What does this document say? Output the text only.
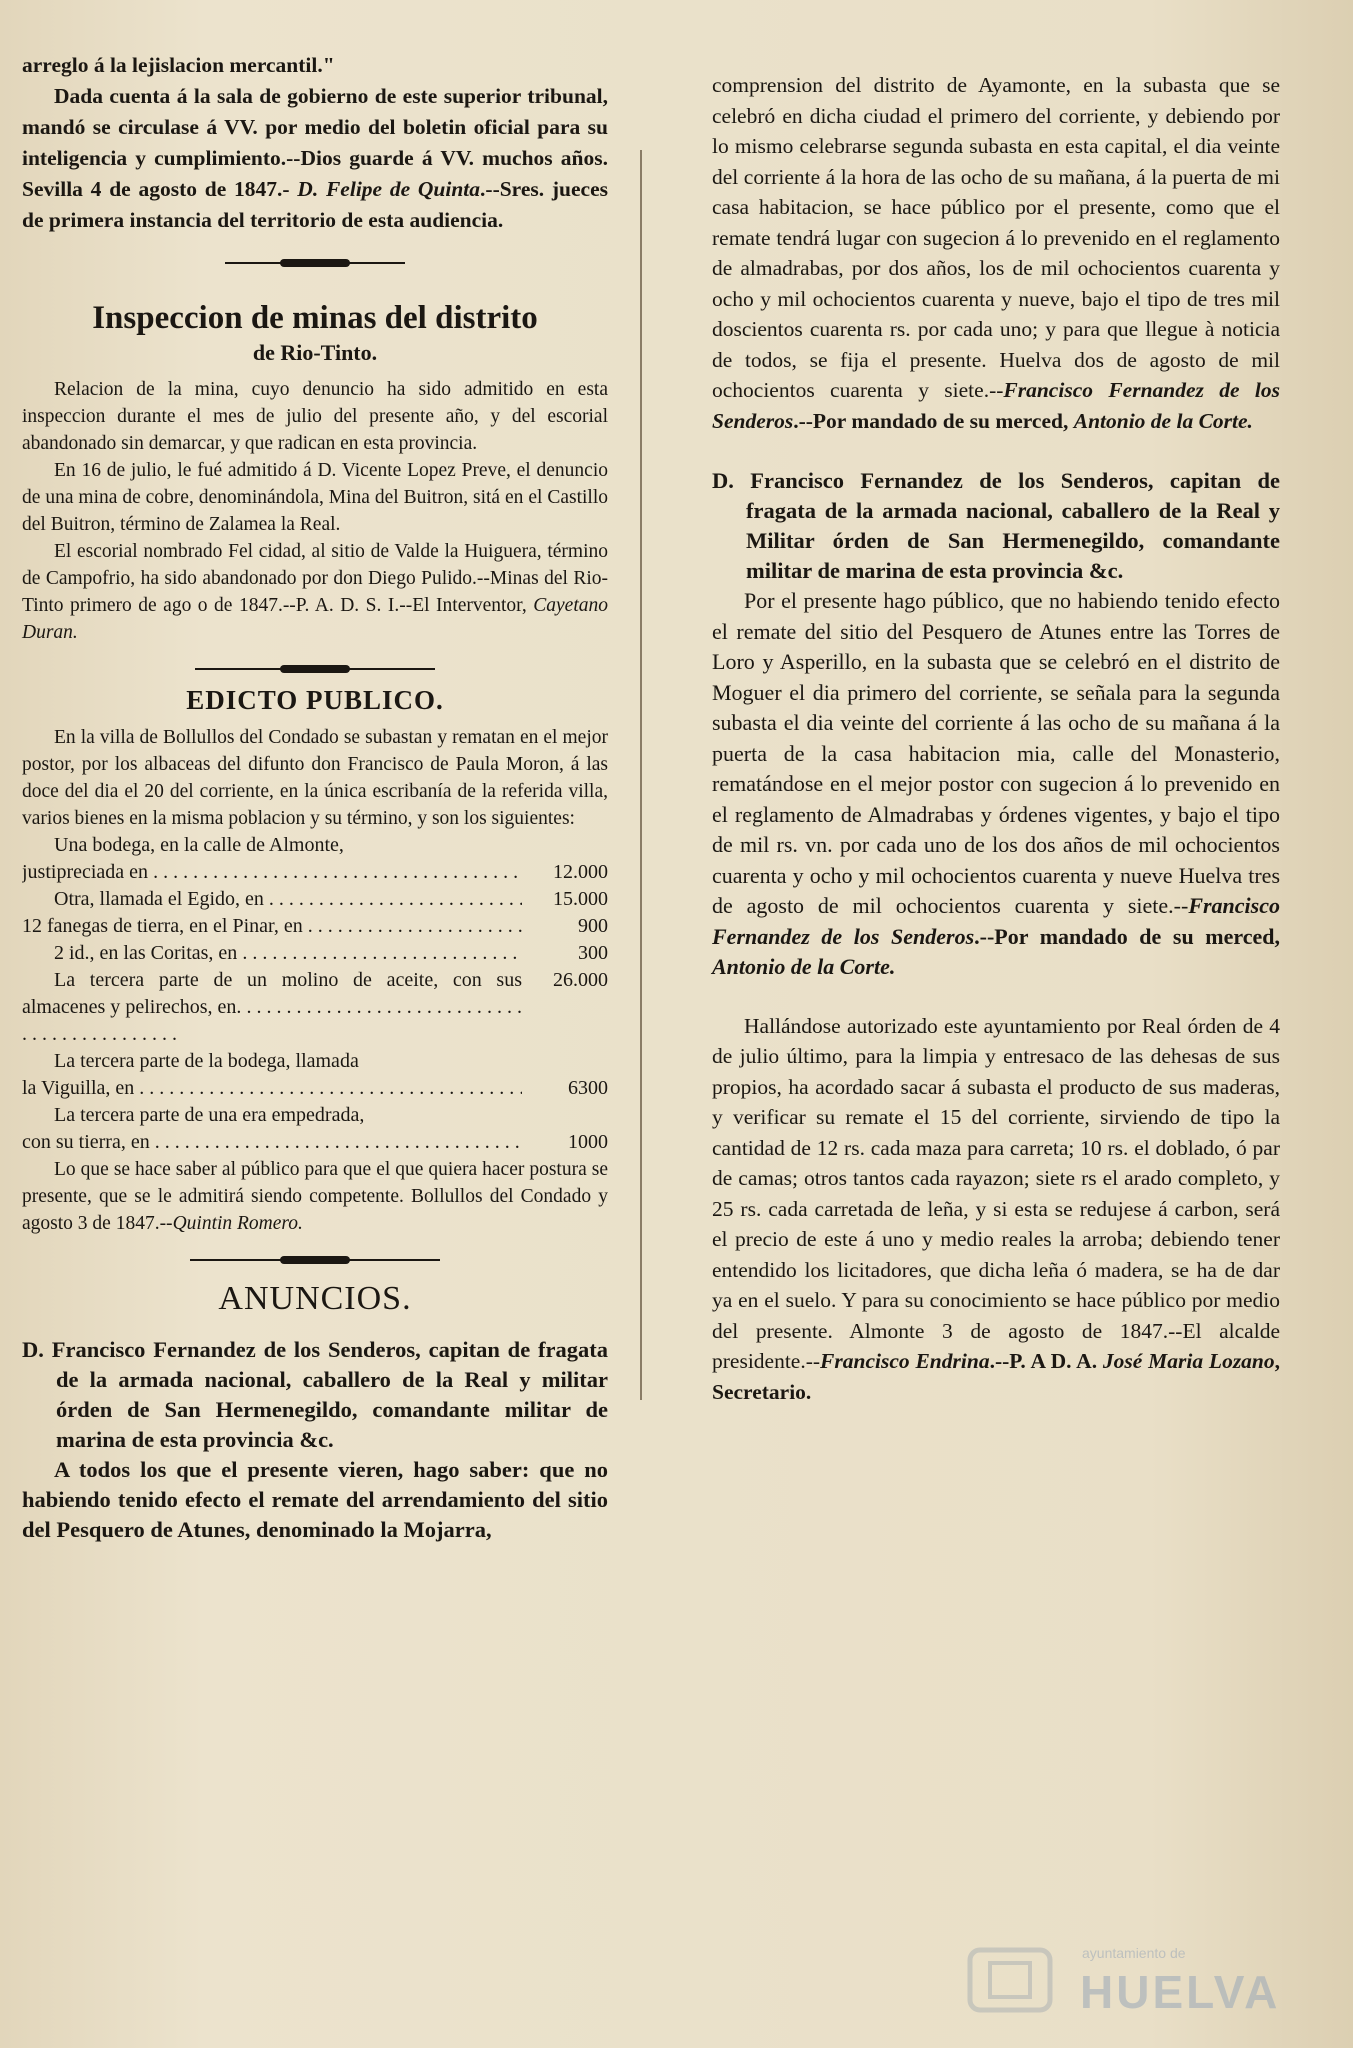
arreglo á la lejislacion mercantil."

Dada cuenta á la sala de gobierno de este superior tribunal, mandó se circulase á VV. por medio del boletin oficial para su inteligencia y cumplimiento.--Dios guarde á VV. muchos años. Sevilla 4 de agosto de 1847.- D. Felipe de Quinta.--Sres. jueces de primera instancia del territorio de esta audiencia.

Inspeccion de minas del distrito
de Rio-Tinto.

Relacion de la mina, cuyo denuncio ha sido admitido en esta inspeccion durante el mes de julio del presente año, y del escorial abandonado sin demarcar, y que radican en esta provincia.

En 16 de julio, le fué admitido á D. Vicente Lopez Preve, el denuncio de una mina de cobre, denominándola, Mina del Buitron, sitá en el Castillo del Buitron, término de Zalamea la Real.

El escorial nombrado Fel cidad, al sitio de Valde la Huiguera, término de Campofrio, ha sido abandonado por don Diego Pulido.--Minas del Rio-Tinto primero de ago o de 1847.--P. A. D. S. I.--El Interventor, Cayetano Duran.

EDICTO PUBLICO.

En la villa de Bollullos del Condado se subastan y rematan en el mejor postor, por los albaceas del difunto don Francisco de Paula Moron, á las doce del dia el 20 del corriente, en la única escribanía de la referida villa, varios bienes en la misma poblacion y su término, y son los siguientes:

Una bodega, en la calle de Almonte,
justipreciada en . . .	12.000
Otra, llamada el Egido, en . . .	15.000
12 fanegas de tierra, en el Pinar, en . . .	900
2 id., en las Coritas, en . . .	300
La tercera parte de un molino de aceite, con sus almacenes y pelirechos, en. . . .
26.000
La tercera parte de la bodega, llamada
la Viguilla, en . . .	6300
La tercera parte de una era empedrada,
con su tierra, en . . .	1000

Lo que se hace saber al público para que el que quiera hacer postura se presente, que se le admitirá siendo competente. Bollullos del Condado y agosto 3 de 1847.--Quintin Romero.

ANUNCIOS.

D. Francisco Fernandez de los Senderos, capitan de fragata de la armada nacional, caballero de la Real y militar órden de San Hermenegildo, comandante militar de marina de esta provincia &c.

A todos los que el presente vieren, hago saber: que no habiendo tenido efecto el remate del arrendamiento del sitio del Pesquero de Atunes, denominado la Mojarra,

comprension del distrito de Ayamonte, en la subasta que se celebró en dicha ciudad el primero del corriente, y debiendo por lo mismo celebrarse segunda subasta en esta capital, el dia veinte del corriente á la hora de las ocho de su mañana, á la puerta de mi casa habitacion, se hace público por el presente, como que el remate tendrá lugar con sugecion á lo prevenido en el reglamento de almadrabas, por dos años, los de mil ochocientos cuarenta y ocho y mil ochocientos cuarenta y nueve, bajo el tipo de tres mil doscientos cuarenta rs. por cada uno; y para que llegue à noticia de todos, se fija el presente. Huelva dos de agosto de mil ochocientos cuarenta y siete.--Francisco Fernandez de los Senderos.--Por mandado de su merced, Antonio de la Corte.

D. Francisco Fernandez de los Senderos, capitan de fragata de la armada nacional, caballero de la Real y Militar órden de San Hermenegildo, comandante militar de marina de esta provincia &c.

Por el presente hago público, que no habiendo tenido efecto el remate del sitio del Pesquero de Atunes entre las Torres de Loro y Asperillo, en la subasta que se celebró en el distrito de Moguer el dia primero del corriente, se señala para la segunda subasta el dia veinte del corriente á las ocho de su mañana á la puerta de la casa habitacion mia, calle del Monasterio, rematándose en el mejor postor con sugecion á lo prevenido en el reglamento de Almadrabas y órdenes vigentes, y bajo el tipo de mil rs. vn. por cada uno de los dos años de mil ochocientos cuarenta y ocho y mil ochocientos cuarenta y nueve Huelva tres de agosto de mil ochocientos cuarenta y siete.--Francisco Fernandez de los Senderos.--Por mandado de su merced, Antonio de la Corte.

Hallándose autorizado este ayuntamiento por Real órden de 4 de julio último, para la limpia y entresaco de las dehesas de sus propios, ha acordado sacar á subasta el producto de sus maderas, y verificar su remate el 15 del corriente, sirviendo de tipo la cantidad de 12 rs. cada maza para carreta; 10 rs. el doblado, ó par de camas; otros tantos cada rayazon; siete rs el arado completo, y 25 rs. cada carretada de leña, y si esta se redujese á carbon, será el precio de este á uno y medio reales la arroba; debiendo tener entendido los licitadores, que dicha leña ó madera, se ha de dar ya en el suelo. Y para su conocimiento se hace público por medio del presente. Almonte 3 de agosto de 1847.--El alcalde presidente.--Francisco Endrina.--P. A D. A. José Maria Lozano, Secretario.

ayuntamiento de
HUELVA
